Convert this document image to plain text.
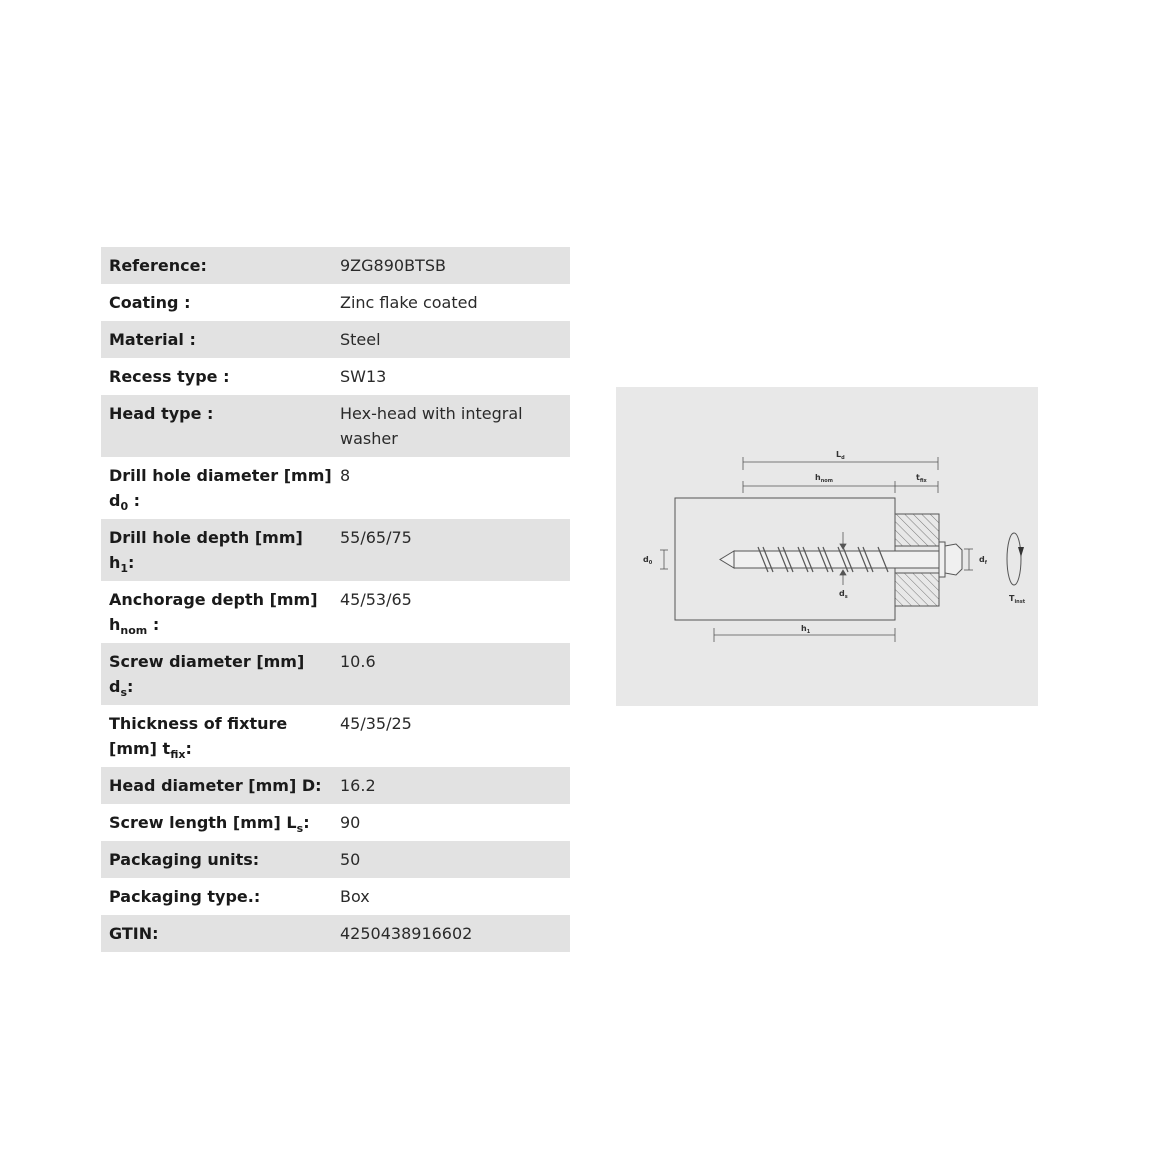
Reference:	9ZG890BTSB
Coating :	Zinc flake coated
Material :	Steel
Recess type :	SW13
Head type :	Hex-head with integral washer
Drill hole diameter [mm] $d_0$ :	8
Drill hole depth [mm] $h_1$:	55/65/75
Anchorage depth [mm] $h_{nom}$ :	45/53/65
Screw diameter [mm] $d_s$:	10.6
Thickness of fixture [mm] $t_{fix}$:	45/35/25
Head diameter [mm] D:	16.2
Screw length [mm] $L_s$:	90
Packaging units:	50
Packaging type.:	Box
GTIN:	4250438916602
$L_d$
$h_{nom}$	$t_{fix}$
$d_0$	$d_f$
$d_s$
$h_1$
$T_{inst}$
